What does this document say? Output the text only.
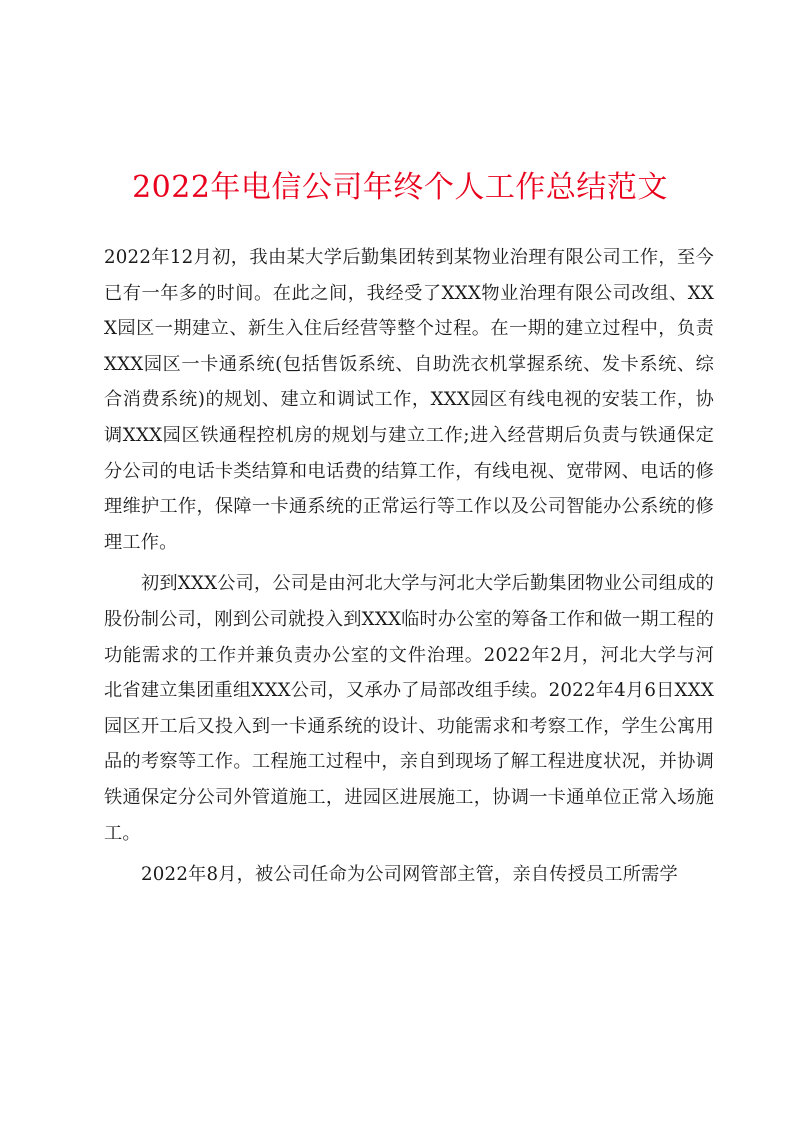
2022年电信公司年终个人工作总结范文

2022年12月初，我由某大学后勤集团转到某物业治理有限公司工作，至今已有一年多的时间。在此之间，我经受了XXX物业治理有限公司改组、XXX园区一期建立、新生入住后经营等整个过程。在一期的建立过程中，负责XXX园区一卡通系统(包括售饭系统、自助洗衣机掌握系统、发卡系统、综合消费系统)的规划、建立和调试工作，XXX园区有线电视的安装工作，协调XXX园区铁通程控机房的规划与建立工作;进入经营期后负责与铁通保定分公司的电话卡类结算和电话费的结算工作，有线电视、宽带网、电话的修理维护工作，保障一卡通系统的正常运行等工作以及公司智能办公系统的修理工作。

初到XXX公司，公司是由河北大学与河北大学后勤集团物业公司组成的股份制公司，刚到公司就投入到XXX临时办公室的筹备工作和做一期工程的功能需求的工作并兼负责办公室的文件治理。2022年2月，河北大学与河北省建立集团重组XXX公司，又承办了局部改组手续。2022年4月6日XXX园区开工后又投入到一卡通系统的设计、功能需求和考察工作，学生公寓用品的考察等工作。工程施工过程中，亲自到现场了解工程进度状况，并协调铁通保定分公司外管道施工，进园区进展施工，协调一卡通单位正常入场施工。

2022年8月，被公司任命为公司网管部主管，亲自传授员工所需学
